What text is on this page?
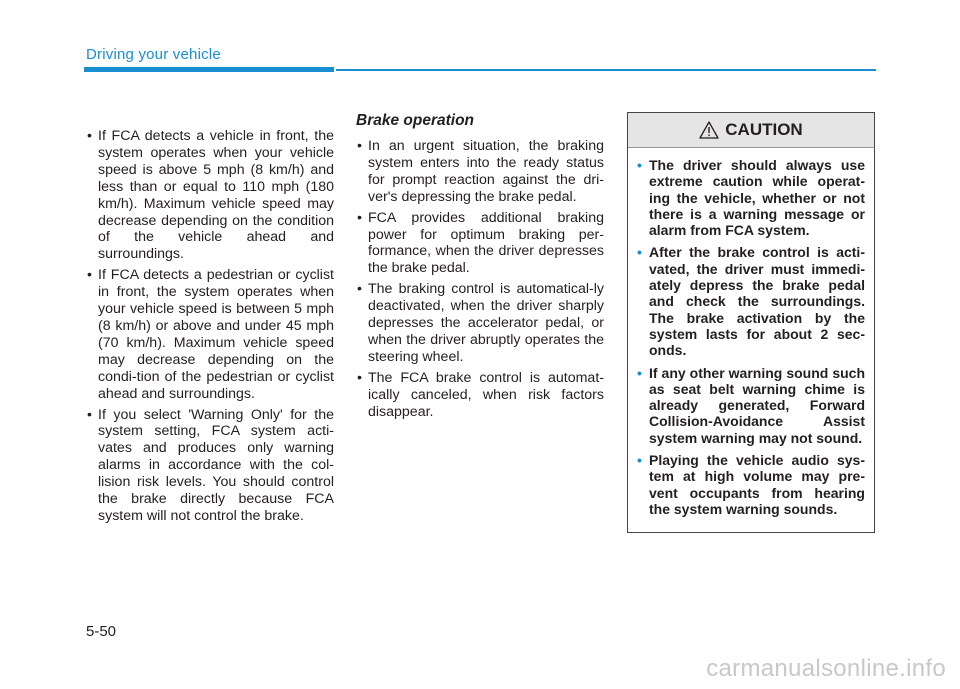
Driving your vehicle
• If FCA detects a vehicle in front, the system operates when your vehicle speed is above 5 mph (8 km/h) and less than or equal to 110 mph (180 km/h). Maximum vehicle speed may decrease depending on the condition of the vehicle ahead and surroundings.
• If FCA detects a pedestrian or cyclist in front, the system operates when your vehicle speed is between 5 mph (8 km/h) or above and under 45 mph (70 km/h). Maximum vehicle speed may decrease depending on the condi-tion of the pedestrian or cyclist ahead and surroundings.
• If you select 'Warning Only' for the system setting, FCA system acti-vates and produces only warning alarms in accordance with the col-lision risk levels. You should control the brake directly because FCA system will not control the brake.
Brake operation
• In an urgent situation, the braking system enters into the ready status for prompt reaction against the dri-ver's depressing the brake pedal.
• FCA provides additional braking power for optimum braking per-formance, when the driver depresses the brake pedal.
• The braking control is automatical-ly deactivated, when the driver sharply depresses the accelerator pedal, or when the driver abruptly operates the steering wheel.
• The FCA brake control is automat-ically canceled, when risk factors disappear.
CAUTION
• The driver should always use extreme caution while operat-ing the vehicle, whether or not there is a warning message or alarm from FCA system.
• After the brake control is acti-vated, the driver must immedi-ately depress the brake pedal and check the surroundings. The brake activation by the system lasts for about 2 sec-onds.
• If any other warning sound such as seat belt warning chime is already generated, Forward Collision-Avoidance Assist system warning may not sound.
• Playing the vehicle audio sys-tem at high volume may pre-vent occupants from hearing the system warning sounds.
5-50
carmanualsonline.info
